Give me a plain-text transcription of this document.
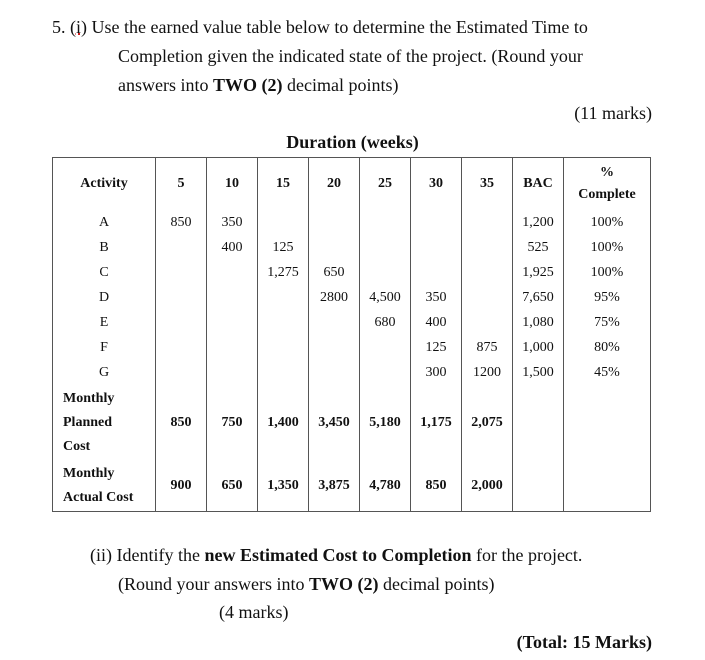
5. (i) Use the earned value table below to determine the Estimated Time to
Completion given the indicated state of the project. (Round your
answers into TWO (2) decimal points)
(11 marks)
Duration (weeks)
Activity	5	10	15	20	25	30	35	BAC	%
Complete

A	850	350						1,200	100%
B		400	125					525	100%
C			1,275	650				1,925	100%
D				2800	4,500	350		7,650	95%
E					680	400		1,080	75%
F						125	875	1,000	80%
G						300	1200	1,500	45%

Monthly
Planned
Cost	850	750	1,400	3,450	5,180	1,175	2,075		

Monthly
Actual Cost	900	650	1,350	3,875	4,780	850	2,000		
(ii) Identify the new Estimated Cost to Completion for the project.
(Round your answers into TWO (2) decimal points)
(4 marks)
(Total: 15 Marks)
